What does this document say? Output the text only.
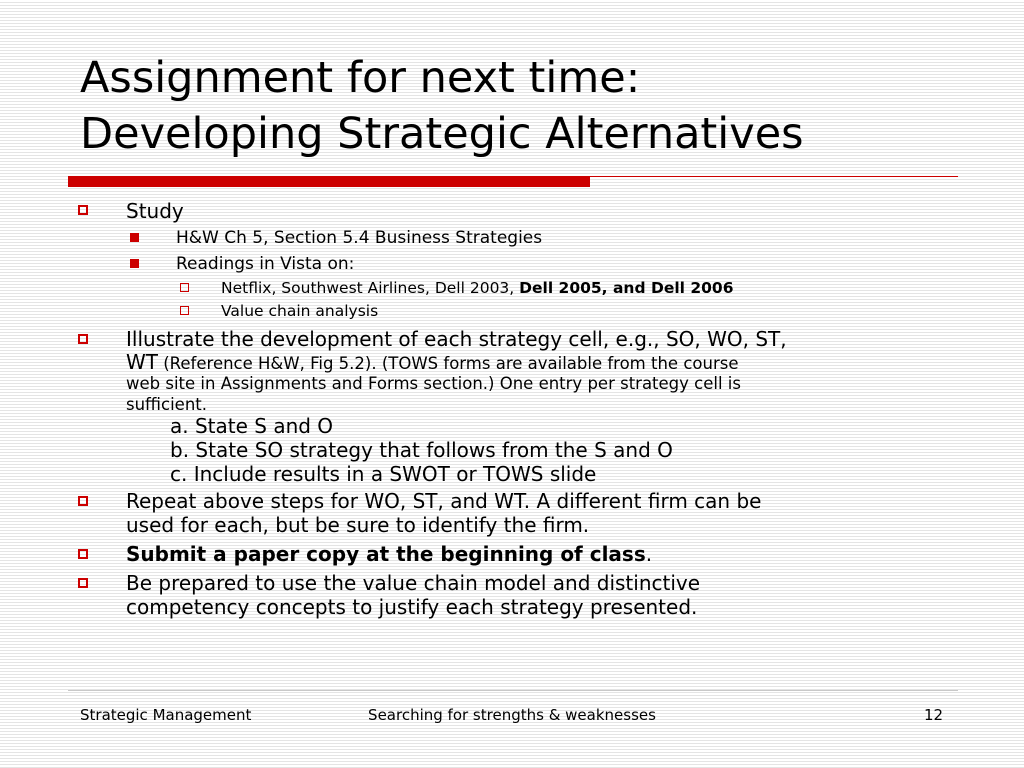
Assignment for next time:
Developing Strategic Alternatives
Study
H&W Ch 5, Section 5.4 Business Strategies
Readings in Vista on:
Netflix, Southwest Airlines, Dell 2003, Dell 2005, and Dell 2006
Value chain analysis
Illustrate the development of each strategy cell, e.g., SO, WO, ST,
WT (Reference H&W, Fig 5.2). (TOWS forms are available from the course
web site in Assignments and Forms section.) One entry per strategy cell is
sufficient.
a. State S and O
b. State SO strategy that follows from the S and O
c. Include results in a SWOT or TOWS slide
Repeat above steps for WO, ST, and WT. A different firm can be
used for each, but be sure to identify the firm.
Submit a paper copy at the beginning of class.
Be prepared to use the value chain model and distinctive
competency concepts to justify each strategy presented.
Strategic Management	Searching for strengths & weaknesses	12
